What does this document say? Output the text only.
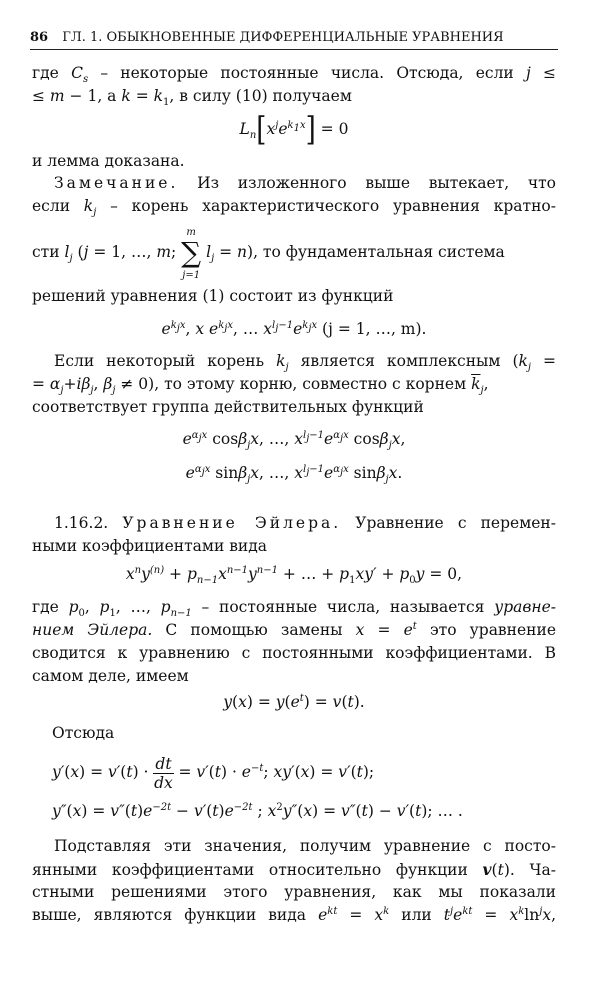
86 ГЛ. 1. ОБЫКНОВЕННЫЕ ДИФФЕРЕНЦИАЛЬНЫЕ УРАВНЕНИЯ
где $C_s$ – некоторые постоянные числа. Отсюда, если j ≤
≤ m − 1, а $k = k_1$, в силу (10) получаем
$L_n[x^je^{k_1x}] = 0$
и лемма доказана.
Замечание. Из изложенного выше вытекает, что
если $k_j$ – корень характеристического уравнения кратно-
сти $l_j$ (j = 1, …, m; m
∑
j=1 $l_j = n$), то фундаментальная система
решений уравнения (1) состоит из функций
$e^{k_jx}$, x $e^{k_jx}$, … $x^{l_j-1}e^{k_jx}$ (j = 1, …, m).
Если некоторый корень $k_j$ является комплексным ($k_j$ =
= $\alpha_j+i\beta_j$, $\beta_j \ne 0$), то этому корню, совместно с корнем $\overline{k}_j$,
соответствует группа действительных функций
$e^{\alpha_jx}$ cosβ$_j$x, …, $x^{l_j-1}e^{\alpha_jx}$ cosβ$_j$x,
$e^{\alpha_jx}$ sinβ$_j$x, …, $x^{l_j-1}e^{\alpha_jx}$ sinβ$_j$x.
1.16.2. Уравнение Эйлера. Уравнение с перемен-
ными коэффициентами вида
$x^ny^{(n)} + p_{n-1}x^{n-1}y^{n-1}$ + … + $p_1xy' + p_0y = 0$,
где $p_0$, $p_1$, …, $p_{n-1}$ – постоянные числа, называется уравне-
нием Эйлера. С помощью замены $x = e^t$ это уравнение
сводится к уравнению с постоянными коэффициентами. В
самом деле, имеем
$y(x) = y(e^t) = v(t)$.
Отсюда
$y'(x) = v'(t) \cdot \frac{dt}{dx} = v'(t) \cdot e^{-t}$; xy′(x) = v′(t);
$y''(x) = v''(t)e^{-2t} - v'(t)e^{-2t}$ ; $x^2y''(x) = v''(t) - v'(t)$; … .
Подставляя эти значения, получим уравнение с посто-
янными коэффициентами относительно функции v(t). Ча-
стными решениями этого уравнения, как мы показали
выше, являются функции вида $e^{kt} = x^k$ или $t^je^{kt} = x^k\ln^jx$,
